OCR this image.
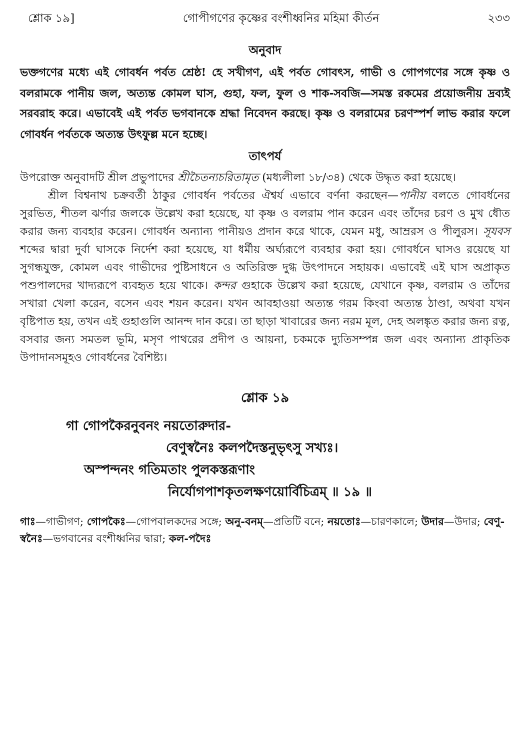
শ্লোক ১৯]	গোপীগণের কৃষ্ণের বংশীধ্বনির মহিমা কীর্তন	২৩৩
অনুবাদ

ভক্তগণের মধ্যে এই গোবর্ধন পর্বত শ্রেষ্ঠ! হে সখীগণ, এই পর্বত গোবৎস, গাভী ও গোপগণের সঙ্গে কৃষ্ণ ও বলরামকে পানীয় জল, অত্যন্ত কোমল ঘাস, গুহা, ফল, ফুল ও শাক-সবজি—সমস্ত রকমের প্রয়োজনীয় দ্রব্যই সরবরাহ করে। এভাবেই এই পর্বত ভগবানকে শ্রদ্ধা নিবেদন করছে। কৃষ্ণ ও বলরামের চরণস্পর্শ লাভ করার ফলে গোবর্ধন পর্বতকে অত্যন্ত উৎফুল্ল মনে হচ্ছে।

তাৎপর্য

উপরোক্ত অনুবাদটি শ্রীল প্রভুপাদের শ্রীচৈতন্যচরিতামৃত (মধ্যলীলা ১৮/৩৪) থেকে উদ্ধৃত করা হয়েছে।

শ্রীল বিশ্বনাথ চক্রবর্তী ঠাকুর গোবর্ধন পর্বতের ঐশ্বর্য এভাবে বর্ণনা করছেন—পানীয় বলতে গোবর্ধনের সুরভিত, শীতল ঝর্ণার জলকে উল্লেখ করা হয়েছে, যা কৃষ্ণ ও বলরাম পান করেন এবং তাঁদের চরণ ও মুখ ধৌত করার জন্য ব্যবহার করেন। গোবর্ধন অন্যান্য পানীয়ও প্রদান করে থাকে, যেমন মধু, আম্ররস ও পীলুরস। সূযবস শব্দের দ্বারা দুর্বা ঘাসকে নির্দেশ করা হয়েছে, যা ধর্মীয় অর্ঘ্যরূপে ব্যবহার করা হয়। গোবর্ধনে ঘাসও রয়েছে যা সুগন্ধযুক্ত, কোমল এবং গাভীদের পুষ্টিসাধনে ও অতিরিক্ত দুগ্ধ উৎপাদনে সহায়ক। এভাবেই এই ঘাস অপ্রাকৃত পশুপালদের খাদ্যরূপে ব্যবহৃত হয়ে থাকে। কন্দর গুহাকে উল্লেখ করা হয়েছে, যেখানে কৃষ্ণ, বলরাম ও তাঁদের সখারা খেলা করেন, বসেন এবং শয়ন করেন। যখন আবহাওয়া অত্যন্ত গরম কিংবা অত্যন্ত ঠাণ্ডা, অথবা যখন বৃষ্টিপাত হয়, তখন এই গুহাগুলি আনন্দ দান করে। তা ছাড়া খাবারের জন্য নরম মূল, দেহ অলঙ্কৃত করার জন্য রত্ন, বসবার জন্য সমতল ভূমি, মসৃণ পাথরের প্রদীপ ও আয়না, চকমকে দ্যুতিসম্পন্ন জল এবং অন্যান্য প্রাকৃতিক উপাদানসমূহও গোবর্ধনের বৈশিষ্ট্য।

শ্লোক ১৯
গা গোপকৈরনুবনং নয়তোরুদার-
বেণুস্বনৈঃ কলপদৈস্তনুভৃৎসু সখ্যঃ।
অস্পন্দনং গতিমতাং পুলকস্তরূণাং
নির্যোগপাশকৃতলক্ষণয়োর্বিচিত্রম্ ॥ ১৯ ॥
গাঃ—গাভীগণ; গোপকৈঃ—গোপবালকদের সঙ্গে; অনু-বনম্—প্রতিটি বনে; নয়তোঃ—চারণকালে; উদার—উদার; বেণু-স্বনৈঃ—ভগবানের বংশীধ্বনির দ্বারা; কল-পদৈঃ
